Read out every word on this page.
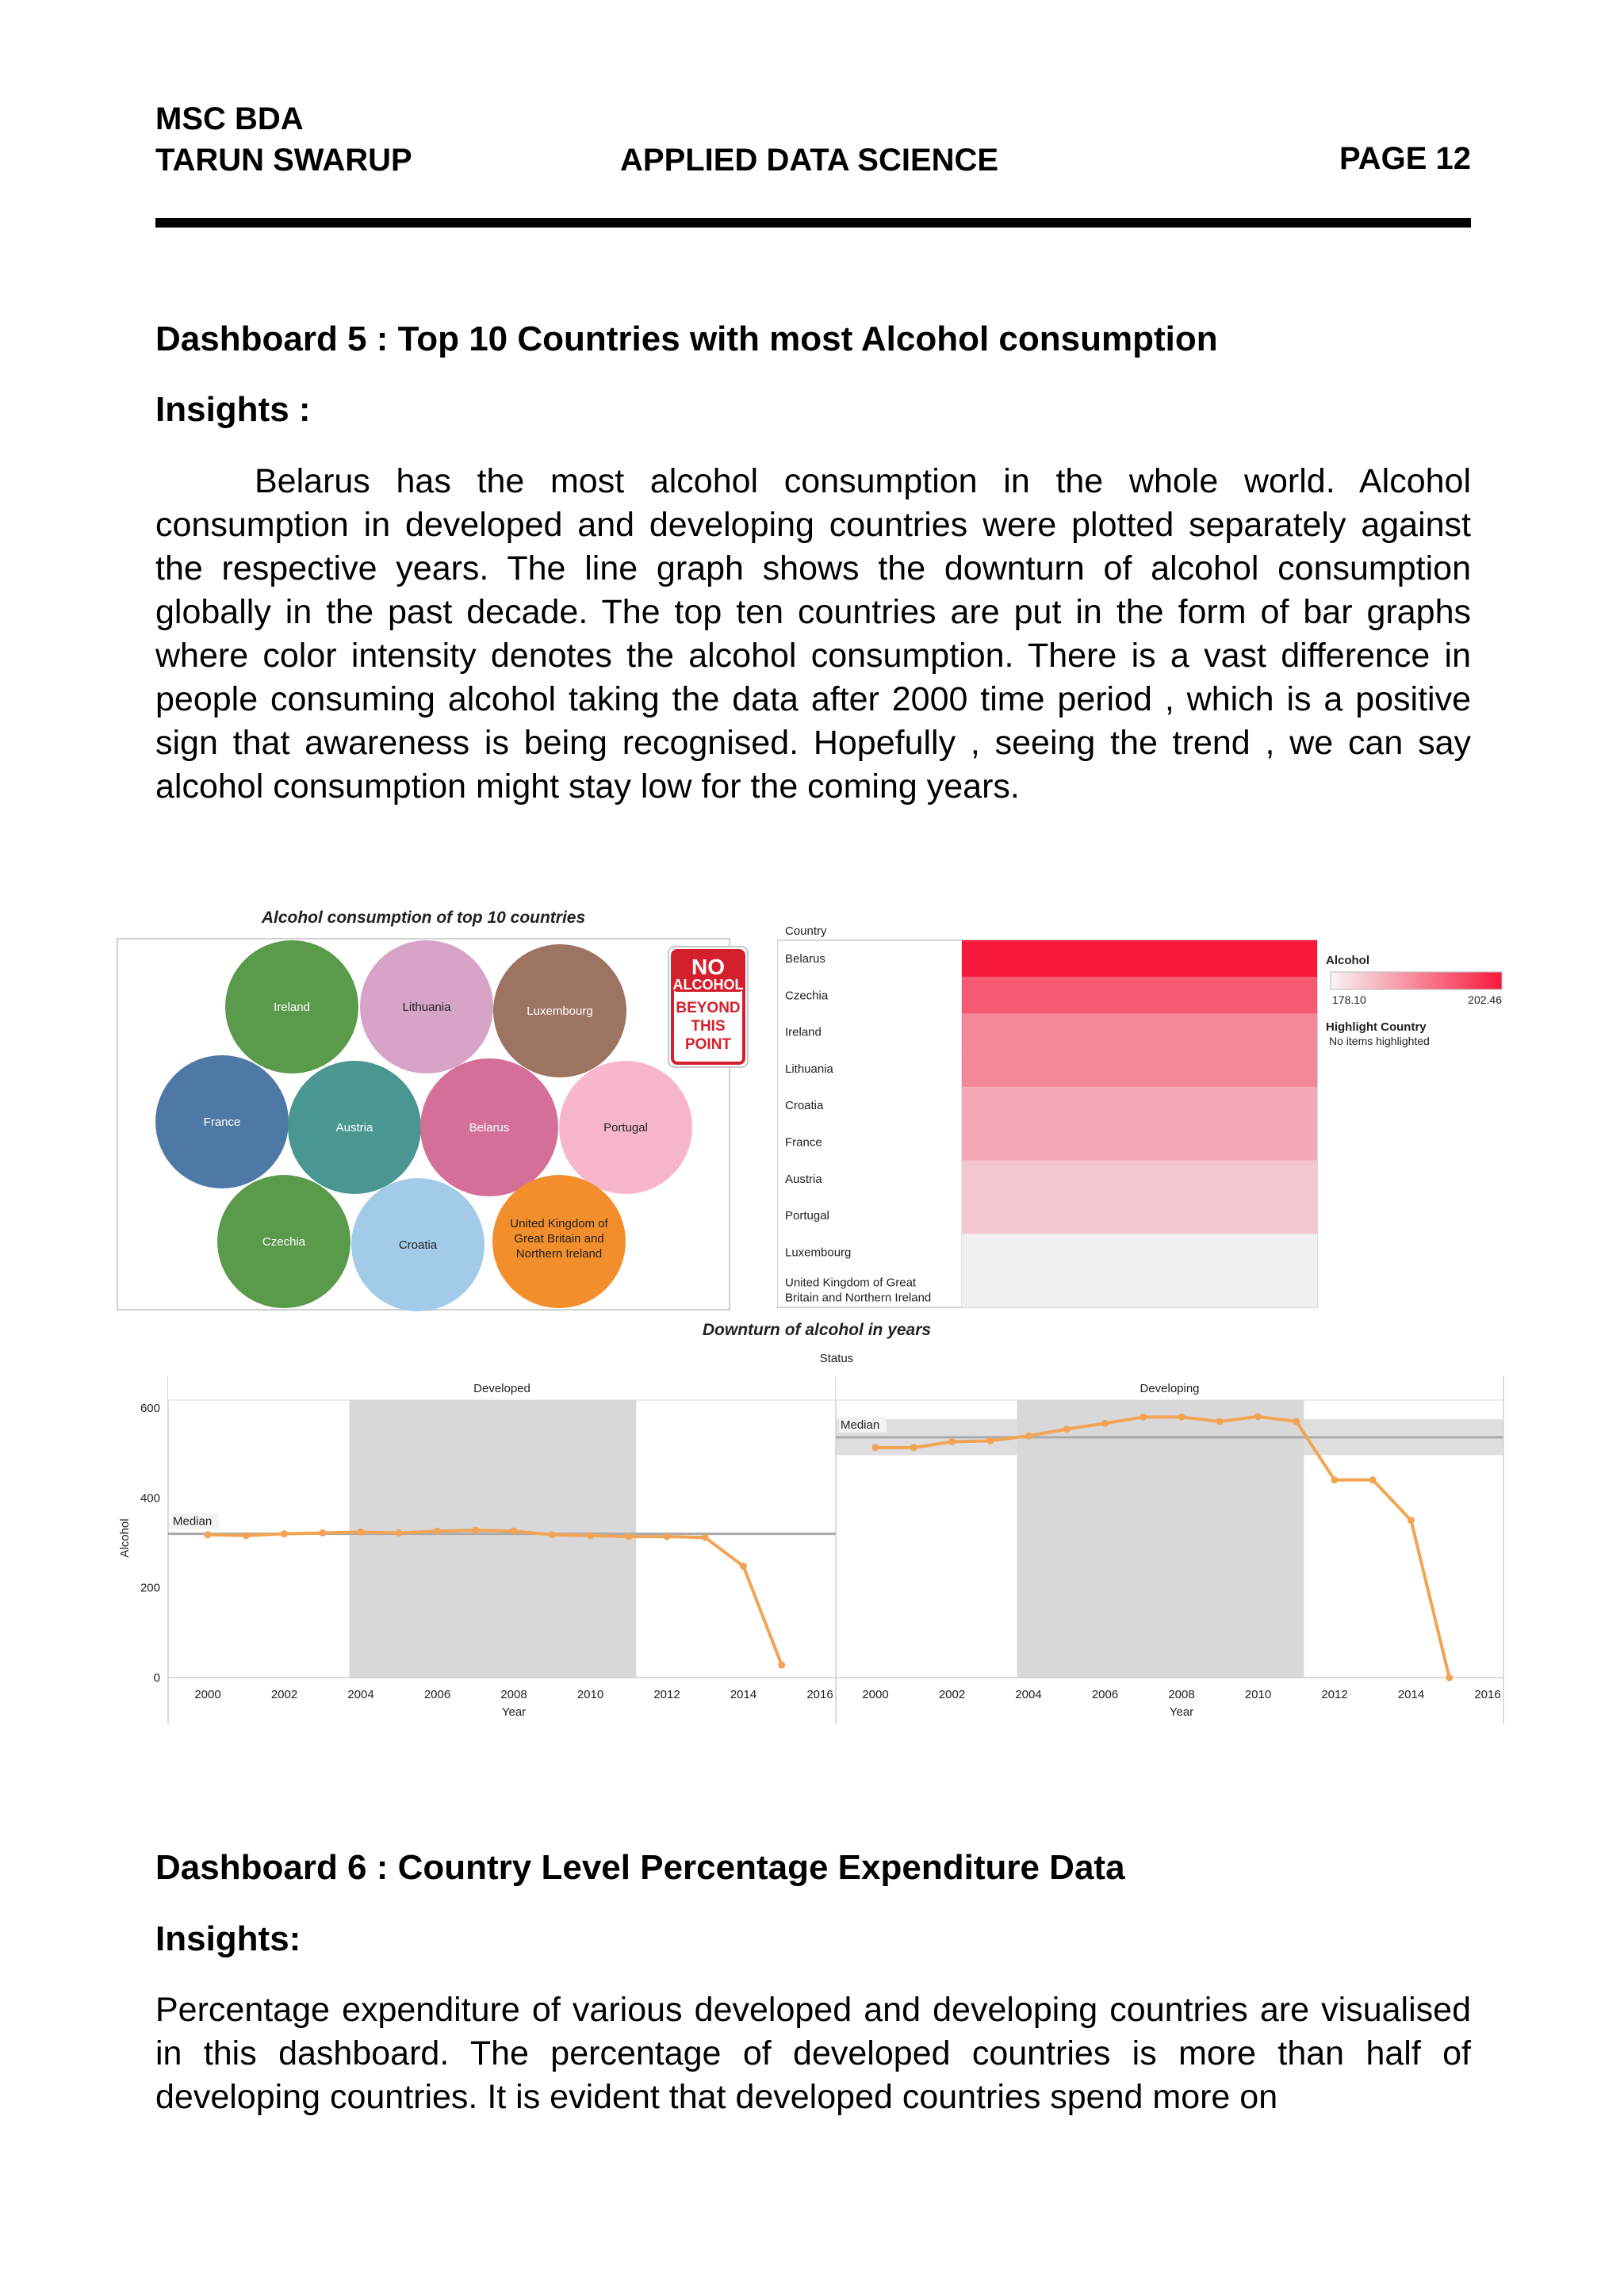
MSC BDA
TARUN SWARUP	APPLIED DATA SCIENCE	PAGE 12
Dashboard 5 : Top 10 Countries with most Alcohol consumption
Insights :
Belarus has the most alcohol consumption in the whole world. Alcohol consumption in developed and developing countries were plotted separately against the respective years. The line graph shows the downturn of alcohol consumption globally in the past decade. The top ten countries are put in the form of bar graphs where color intensity denotes the alcohol consumption. There is a vast difference in people consuming alcohol taking the data after 2000 time period , which is a positive sign that awareness is being recognised. Hopefully , seeing the trend , we can say alcohol consumption might stay low for the coming years.
Alcohol consumption of top 10 countries
Ireland	Lithuania	Luxembourg
France	Austria	Belarus	Portugal
Czechia	Croatia
United Kingdom of Great Britain and Northern Ireland
NO
ALCOHOL
BEYOND
THIS
POINT
Country
Belarus
Czechia
Ireland
Lithuania
Croatia
France
Austria
Portugal
Luxembourg
United Kingdom of Great Britain and Northern Ireland
Alcohol
178.10	202.46
Highlight Country
No items highlighted
Downturn of alcohol in years
Status
0
200
400
600
Alcohol
Developed
Median
2000	2002	2004	2006	2008	2010	2012	2014	2016
Year
Developing
Median
2000	2002	2004	2006	2008	2010	2012	2014	2016
Year
Dashboard 6 : Country Level Percentage Expenditure Data
Insights:
Percentage expenditure of various developed and developing countries are visualised in this dashboard. The percentage of developed countries is more than half of developing countries. It is evident that developed countries spend more on
